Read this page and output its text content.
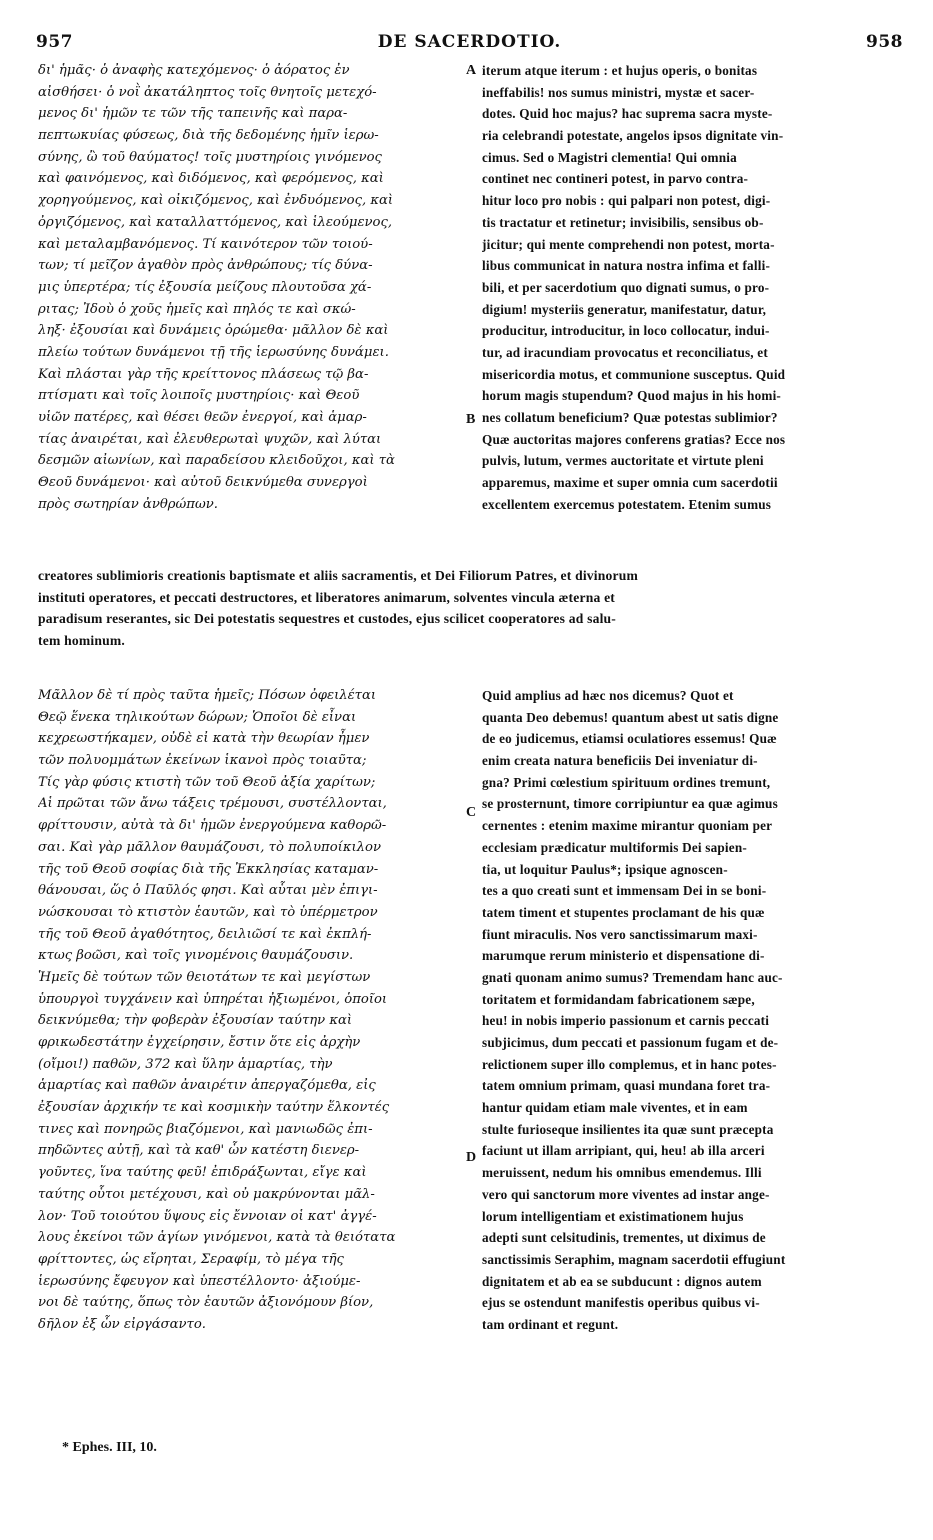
957	DE SACERDOTIO.	958
A
B
C
D
δι' ἡμᾶς· ὁ ἀναφὴς κατεχόμενος· ὁ ἀόρατος ἐν
αἰσθήσει· ὁ νοῒ ἀκατάληπτος τοῖς θνητοῖς μετεχό-
μενος δι' ἡμῶν τε τῶν τῆς ταπεινῆς καὶ παρα-
πεπτωκυίας φύσεως, διὰ τῆς δεδομένης ἡμῖν ἱερω-
σύνης, ὢ τοῦ θαύματος! τοῖς μυστηρίοις γινόμενος
καὶ φαινόμενος, καὶ διδόμενος, καὶ φερόμενος, καὶ
χορηγούμενος, καὶ οἰκιζόμενος, καὶ ἐνδυόμενος, καὶ
ὀργιζόμενος, καὶ καταλλαττόμενος, καὶ ἱλεούμενος,
καὶ μεταλαμβανόμενος. Τί καινότερον τῶν τοιού-
των; τί μεῖζον ἀγαθὸν πρὸς ἀνθρώπους; τίς δύνα-
μις ὑπερτέρα; τίς ἐξουσία μείζους πλουτοῦσα χά-
ριτας; Ἰδοὺ ὁ χοῦς ἡμεῖς καὶ πηλός τε καὶ σκώ-
ληξ· ἐξουσίαι καὶ δυνάμεις ὁρώμεθα· μᾶλλον δὲ καὶ
πλείω τούτων δυνάμενοι τῇ τῆς ἱερωσύνης δυνάμει.
Καὶ πλάσται γὰρ τῆς κρείττονος πλάσεως τῷ βα-
πτίσματι καὶ τοῖς λοιποῖς μυστηρίοις· καὶ Θεοῦ
υἱῶν πατέρες, καὶ θέσει θεῶν ἐνεργοί, καὶ ἁμαρ-
τίας ἀναιρέται, καὶ ἐλευθερωταὶ ψυχῶν, καὶ λύται
δεσμῶν αἰωνίων, καὶ παραδείσου κλειδοῦχοι, καὶ τὰ
Θεοῦ δυνάμενοι· καὶ αὐτοῦ δεικνύμεθα συνεργοὶ
πρὸς σωτηρίαν ἀνθρώπων.
iterum atque iterum : et hujus operis, o bonitas
ineffabilis! nos sumus ministri, mystæ et sacer-
dotes. Quid hoc majus? hac suprema sacra myste-
ria celebrandi potestate, angelos ipsos dignitate vin-
cimus. Sed o Magistri clementia! Qui omnia
continet nec contineri potest, in parvo contra-
hitur loco pro nobis : qui palpari non potest, digi-
tis tractatur et retinetur; invisibilis, sensibus ob-
jicitur; qui mente comprehendi non potest, morta-
libus communicat in natura nostra infima et falli-
bili, et per sacerdotium quo dignati sumus, o pro-
digium! mysteriis generatur, manifestatur, datur,
producitur, introducitur, in loco collocatur, indui-
tur, ad iracundiam provocatus et reconciliatus, et
misericordia motus, et communione susceptus. Quid
horum magis stupendum? Quod majus in his homi-
nes collatum beneficium? Quæ potestas sublimior?
Quæ auctoritas majores conferens gratias? Ecce nos
pulvis, lutum, vermes auctoritate et virtute pleni
apparemus, maxime et super omnia cum sacerdotii
excellentem exercemus potestatem. Etenim sumus
creatores sublimioris creationis baptismate et aliis sacramentis, et Dei Filiorum Patres, et divinorum
instituti operatores, et peccati destructores, et liberatores animarum, solventes vincula æterna et
paradisum reserantes, sic Dei potestatis sequestres et custodes, ejus scilicet cooperatores ad salu-
tem hominum.
Μᾶλλον δὲ τί πρὸς ταῦτα ἡμεῖς; Πόσων ὀφειλέται
Θεῷ ἕνεκα τηλικούτων δώρων; Ὁποῖοι δὲ εἶναι
κεχρεωστήκαμεν, οὐδὲ εἰ κατὰ τὴν θεωρίαν ἦμεν
τῶν πολυομμάτων ἐκείνων ἱκανοὶ πρὸς τοιαῦτα;
Τίς γὰρ φύσις κτιστὴ τῶν τοῦ Θεοῦ ἀξία χαρίτων;
Αἱ πρῶται τῶν ἄνω τάξεις τρέμουσι, συστέλλονται,
φρίττουσιν, αὐτὰ τὰ δι' ἡμῶν ἐνεργούμενα καθορῶ-
σαι. Καὶ γὰρ μᾶλλον θαυμάζουσι, τὸ πολυποίκιλον
τῆς τοῦ Θεοῦ σοφίας διὰ τῆς Ἐκκλησίας καταμαν-
θάνουσαι, ὥς ὁ Παῦλός φησι. Καὶ αὗται μὲν ἐπιγι-
νώσκουσαι τὸ κτιστὸν ἑαυτῶν, καὶ τὸ ὑπέρμετρον
τῆς τοῦ Θεοῦ ἀγαθότητος, δειλιῶσί τε καὶ ἐκπλή-
κτως βοῶσι, καὶ τοῖς γινομένοις θαυμάζουσιν.
Ἡμεῖς δὲ τούτων τῶν θειοτάτων τε καὶ μεγίστων
ὑπουργοὶ τυγχάνειν καὶ ὑπηρέται ἠξιωμένοι, ὁποῖοι
δεικνύμεθα; τὴν φοβερὰν ἐξουσίαν ταύτην καὶ
φρικωδεστάτην ἐγχείρησιν, ἔστιν ὅτε εἰς ἀρχὴν
(οἴμοι!) παθῶν, 372 καὶ ὕλην ἁμαρτίας, τὴν
ἁμαρτίας καὶ παθῶν ἀναιρέτιν ἀπεργαζόμεθα, εἰς
ἐξουσίαν ἀρχικήν τε καὶ κοσμικὴν ταύτην ἕλκοντές
τινες καὶ πονηρῶς βιαζόμενοι, καὶ μανιωδῶς ἐπι-
πηδῶντες αὐτῇ, καὶ τὰ καθ' ὧν κατέστη διενερ-
γοῦντες, ἵνα ταύτης φεῦ! ἐπιδράξωνται, εἴγε καὶ
ταύτης οὗτοι μετέχουσι, καὶ οὐ μακρύνονται μᾶλ-
λον· Τοῦ τοιούτου ὕψους εἰς ἔννοιαν οἱ κατ' ἀγγέ-
λους ἐκείνοι τῶν ἁγίων γινόμενοι, κατὰ τὰ θειότατα
φρίττοντες, ὡς εἴρηται, Σεραφίμ, τὸ μέγα τῆς
ἱερωσύνης ἔφευγον καὶ ὑπεστέλλοντο· ἀξιούμε-
νοι δὲ ταύτης, ὅπως τὸν ἑαυτῶν ἀξιονόμουν βίον,
δῆλον ἐξ ὧν εἰργάσαντο.
Quid amplius ad hæc nos dicemus? Quot et
quanta Deo debemus! quantum abest ut satis digne
de eo judicemus, etiamsi oculatiores essemus! Quæ
enim creata natura beneficiis Dei inveniatur di-
gna? Primi cœlestium spirituum ordines tremunt,
se prosternunt, timore corripiuntur ea quæ agimus
cernentes : etenim maxime mirantur quoniam per
ecclesiam prædicatur multiformis Dei sapien-
tia, ut loquitur Paulus*; ipsique agnoscen-
tes a quo creati sunt et immensam Dei in se boni-
tatem timent et stupentes proclamant de his quæ
fiunt miraculis. Nos vero sanctissimarum maxi-
marumque rerum ministerio et dispensatione di-
gnati quonam animo sumus? Tremendam hanc auc-
toritatem et formidandam fabricationem sæpe,
heu! in nobis imperio passionum et carnis peccati
subjicimus, dum peccati et passionum fugam et de-
relictionem super illo complemus, et in hanc potes-
tatem omnium primam, quasi mundana foret tra-
hantur quidam etiam male viventes, et in eam
stulte furioseque insilientes ita quæ sunt præcepta
faciunt ut illam arripiant, qui, heu! ab illa arceri
meruissent, nedum his omnibus emendemus. Illi
vero qui sanctorum more viventes ad instar ange-
lorum intelligentiam et existimationem hujus
adepti sunt celsitudinis, trementes, ut diximus de
sanctissimis Seraphim, magnam sacerdotii effugiunt
dignitatem et ab ea se subducunt : dignos autem
ejus se ostendunt manifestis operibus quibus vi-
tam ordinant et regunt.
* Ephes. III, 10.
